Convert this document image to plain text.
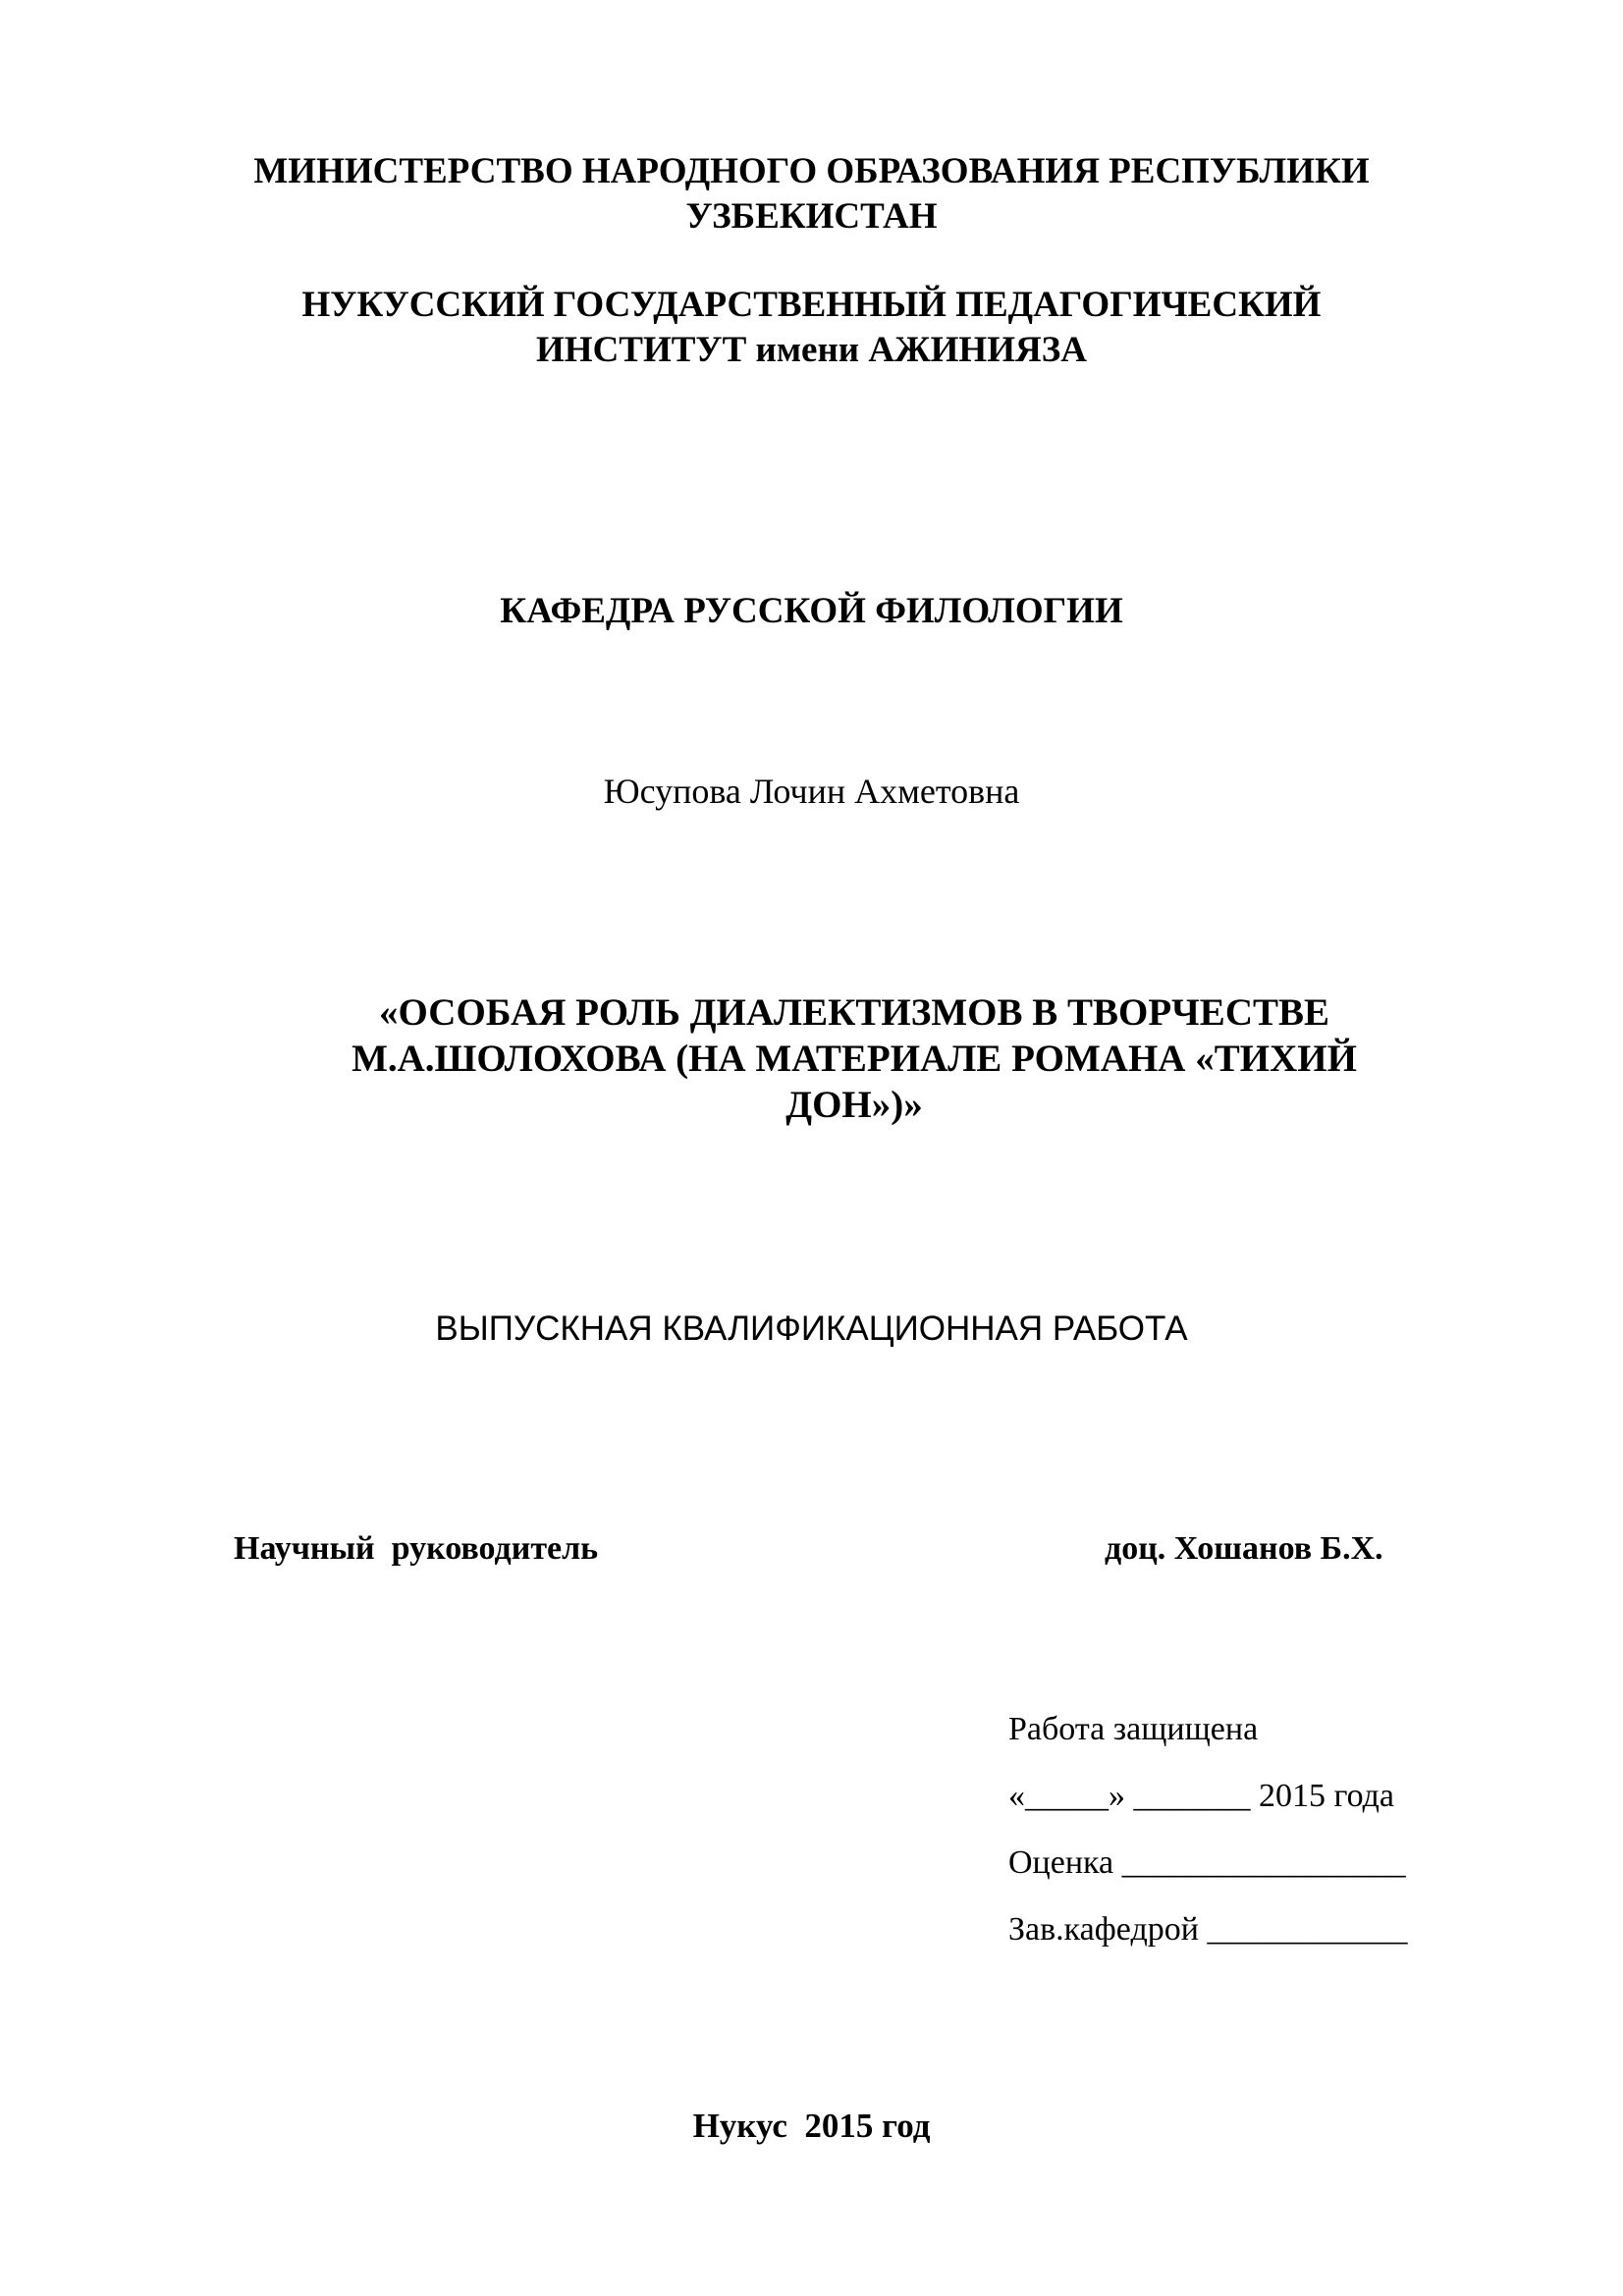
МИНИСТЕРСТВО НАРОДНОГО ОБРАЗОВАНИЯ РЕСПУБЛИКИ
УЗБЕКИСТАН
НУКУССКИЙ ГОСУДАРСТВЕННЫЙ ПЕДАГОГИЧЕСКИЙ
ИНСТИТУТ имени АЖИНИЯЗА
КАФЕДРА РУССКОЙ ФИЛОЛОГИИ
Юсупова Лочин Ахметовна
«ОСОБАЯ РОЛЬ ДИАЛЕКТИЗМОВ В ТВОРЧЕСТВЕ
М.А.ШОЛОХОВА (НА МАТЕРИАЛЕ РОМАНА «ТИХИЙ
ДОН»)»
ВЫПУСКНАЯ КВАЛИФИКАЦИОННАЯ РАБОТА
Научный  руководитель	доц. Хошанов Б.Х.
Работа защищена
«_____» _______ 2015 года
Оценка _________________
Зав.кафедрой ____________
Нукус  2015 год
